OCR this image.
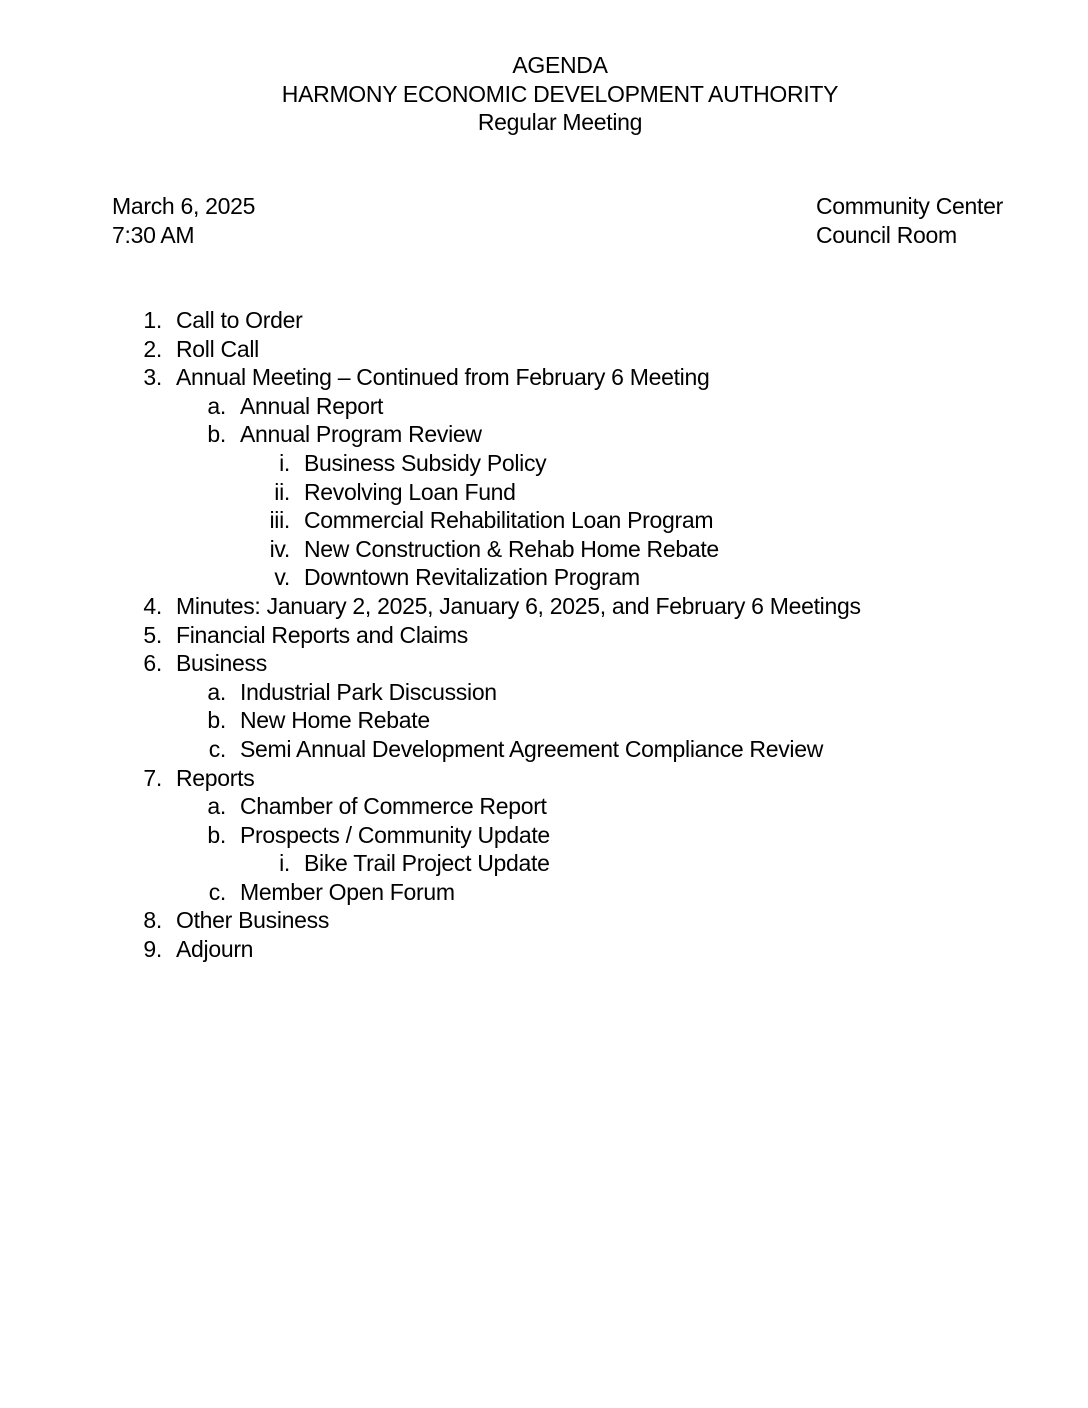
AGENDA
HARMONY ECONOMIC DEVELOPMENT AUTHORITY
Regular Meeting
March 6, 2025
7:30 AM
Community Center
Council Room
1. Call to Order
2. Roll Call
3. Annual Meeting – Continued from February 6 Meeting
a. Annual Report
b. Annual Program Review
i. Business Subsidy Policy
ii. Revolving Loan Fund
iii. Commercial Rehabilitation Loan Program
iv. New Construction & Rehab Home Rebate
v. Downtown Revitalization Program
4. Minutes: January 2, 2025, January 6, 2025, and February 6 Meetings
5. Financial Reports and Claims
6. Business
a. Industrial Park Discussion
b. New Home Rebate
c. Semi Annual Development Agreement Compliance Review
7. Reports
a. Chamber of Commerce Report
b. Prospects / Community Update
i. Bike Trail Project Update
c. Member Open Forum
8. Other Business
9. Adjourn
